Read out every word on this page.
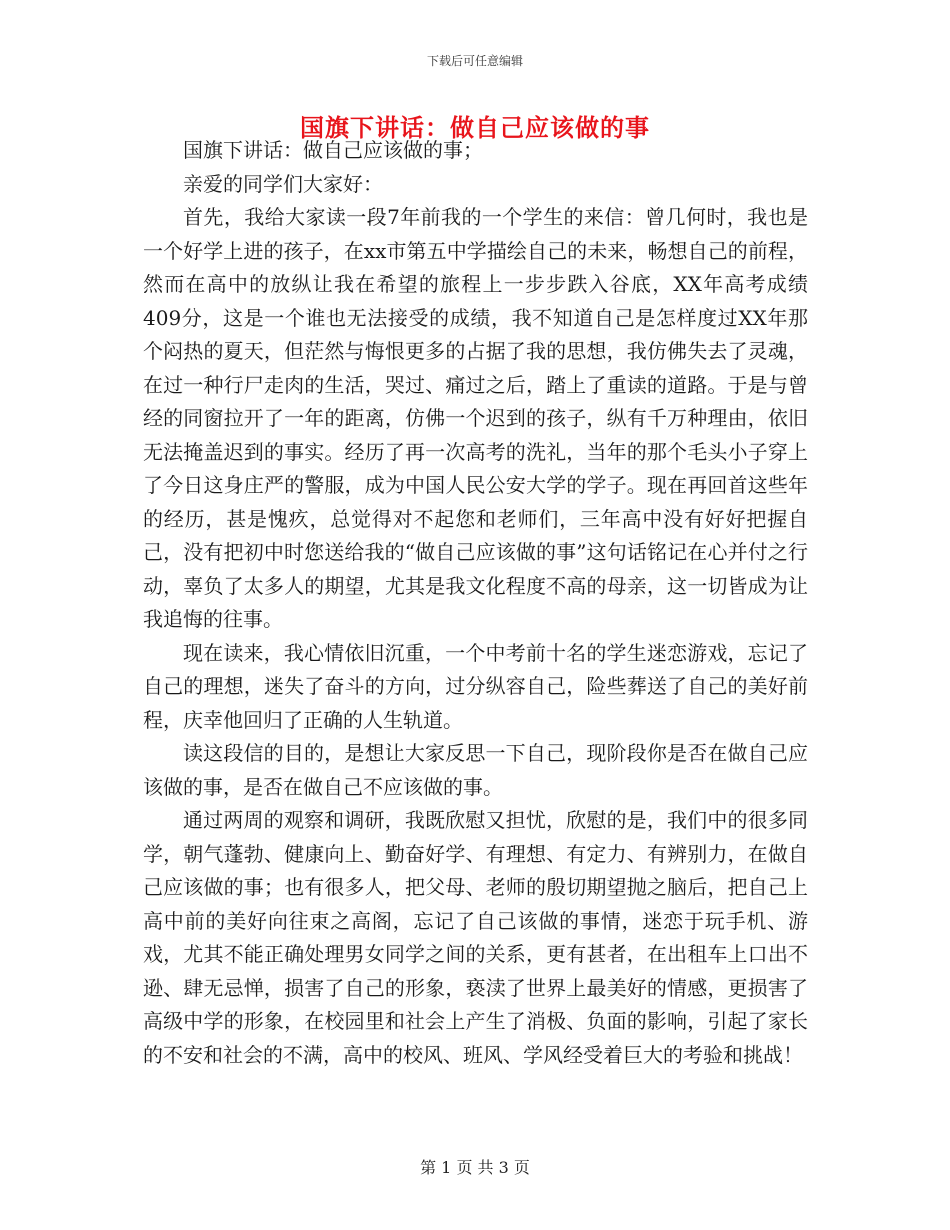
下载后可任意编辑
国旗下讲话：做自己应该做的事

国旗下讲话：做自己应该做的事；

亲爱的同学们大家好：

首先，我给大家读一段7年前我的一个学生的来信：曾几何时，我也是一个好学上进的孩子，在xx市第五中学描绘自己的未来，畅想自己的前程，然而在高中的放纵让我在希望的旅程上一步步跌入谷底，XX年高考成绩409分，这是一个谁也无法接受的成绩，我不知道自己是怎样度过XX年那个闷热的夏天，但茫然与悔恨更多的占据了我的思想，我仿佛失去了灵魂，在过一种行尸走肉的生活，哭过、痛过之后，踏上了重读的道路。于是与曾经的同窗拉开了一年的距离，仿佛一个迟到的孩子，纵有千万种理由，依旧无法掩盖迟到的事实。经历了再一次高考的洗礼，当年的那个毛头小子穿上了今日这身庄严的警服，成为中国人民公安大学的学子。现在再回首这些年的经历，甚是愧疚，总觉得对不起您和老师们，三年高中没有好好把握自己，没有把初中时您送给我的“做自己应该做的事”这句话铭记在心并付之行动，辜负了太多人的期望，尤其是我文化程度不高的母亲，这一切皆成为让我追悔的往事。

现在读来，我心情依旧沉重，一个中考前十名的学生迷恋游戏，忘记了自己的理想，迷失了奋斗的方向，过分纵容自己，险些葬送了自己的美好前程，庆幸他回归了正确的人生轨道。

读这段信的目的，是想让大家反思一下自己，现阶段你是否在做自己应该做的事，是否在做自己不应该做的事。

通过两周的观察和调研，我既欣慰又担忧，欣慰的是，我们中的很多同学，朝气蓬勃、健康向上、勤奋好学、有理想、有定力、有辨别力，在做自己应该做的事；也有很多人，把父母、老师的殷切期望抛之脑后，把自己上高中前的美好向往束之高阁，忘记了自己该做的事情，迷恋于玩手机、游戏，尤其不能正确处理男女同学之间的关系，更有甚者，在出租车上口出不逊、肆无忌惮，损害了自己的形象，亵渎了世界上最美好的情感，更损害了高级中学的形象，在校园里和社会上产生了消极、负面的影响，引起了家长的不安和社会的不满，高中的校风、班风、学风经受着巨大的考验和挑战！

第 1 页 共 3 页
